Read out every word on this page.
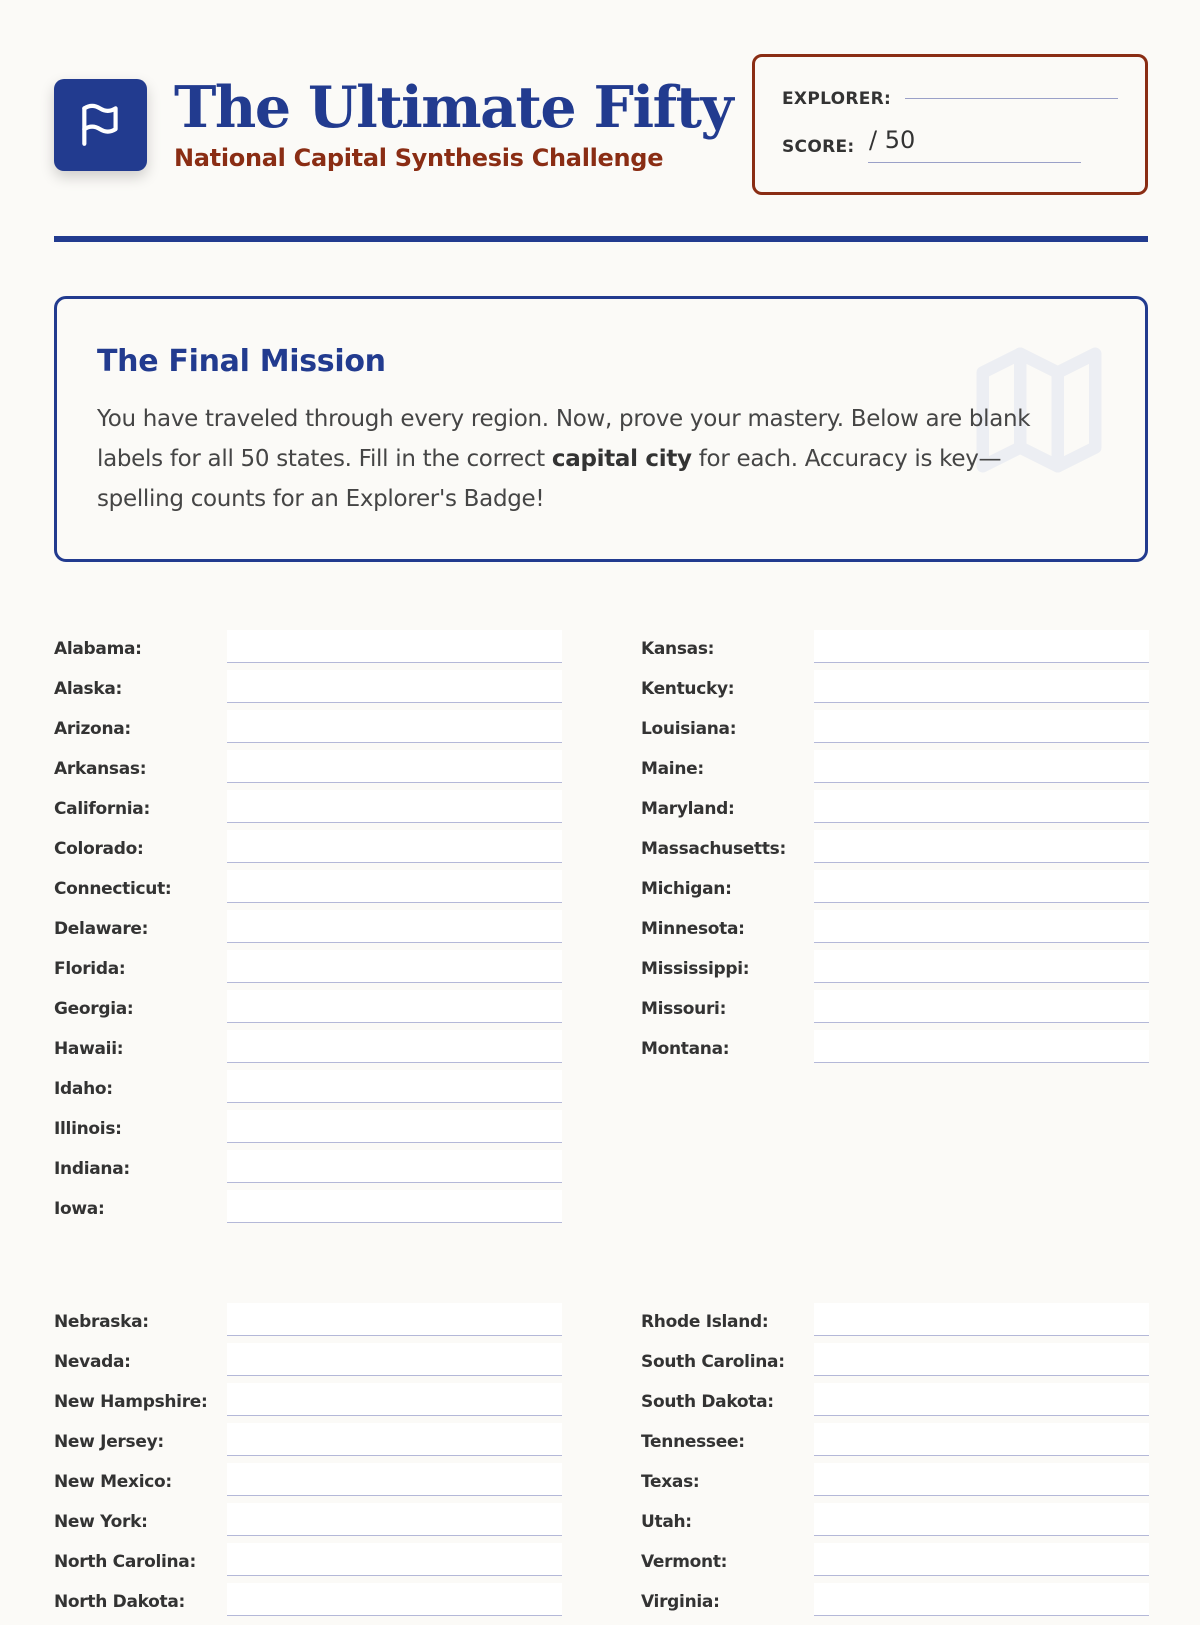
The Ultimate Fifty
National Capital Synthesis Challenge
EXPLORER:
SCORE: / 50
The Final Mission
You have traveled through every region. Now, prove your mastery. Below are blank labels for all 50 states. Fill in the correct capital city for each. Accuracy is key—spelling counts for an Explorer's Badge!
Alabama:
Alaska:
Arizona:
Arkansas:
California:
Colorado:
Connecticut:
Delaware:
Florida:
Georgia:
Hawaii:
Idaho:
Illinois:
Indiana:
Iowa:
Kansas:
Kentucky:
Louisiana:
Maine:
Maryland:
Massachusetts:
Michigan:
Minnesota:
Mississippi:
Missouri:
Montana:
Nebraska:
Nevada:
New Hampshire:
New Jersey:
New Mexico:
New York:
North Carolina:
North Dakota:
Rhode Island:
South Carolina:
South Dakota:
Tennessee:
Texas:
Utah:
Vermont:
Virginia:
